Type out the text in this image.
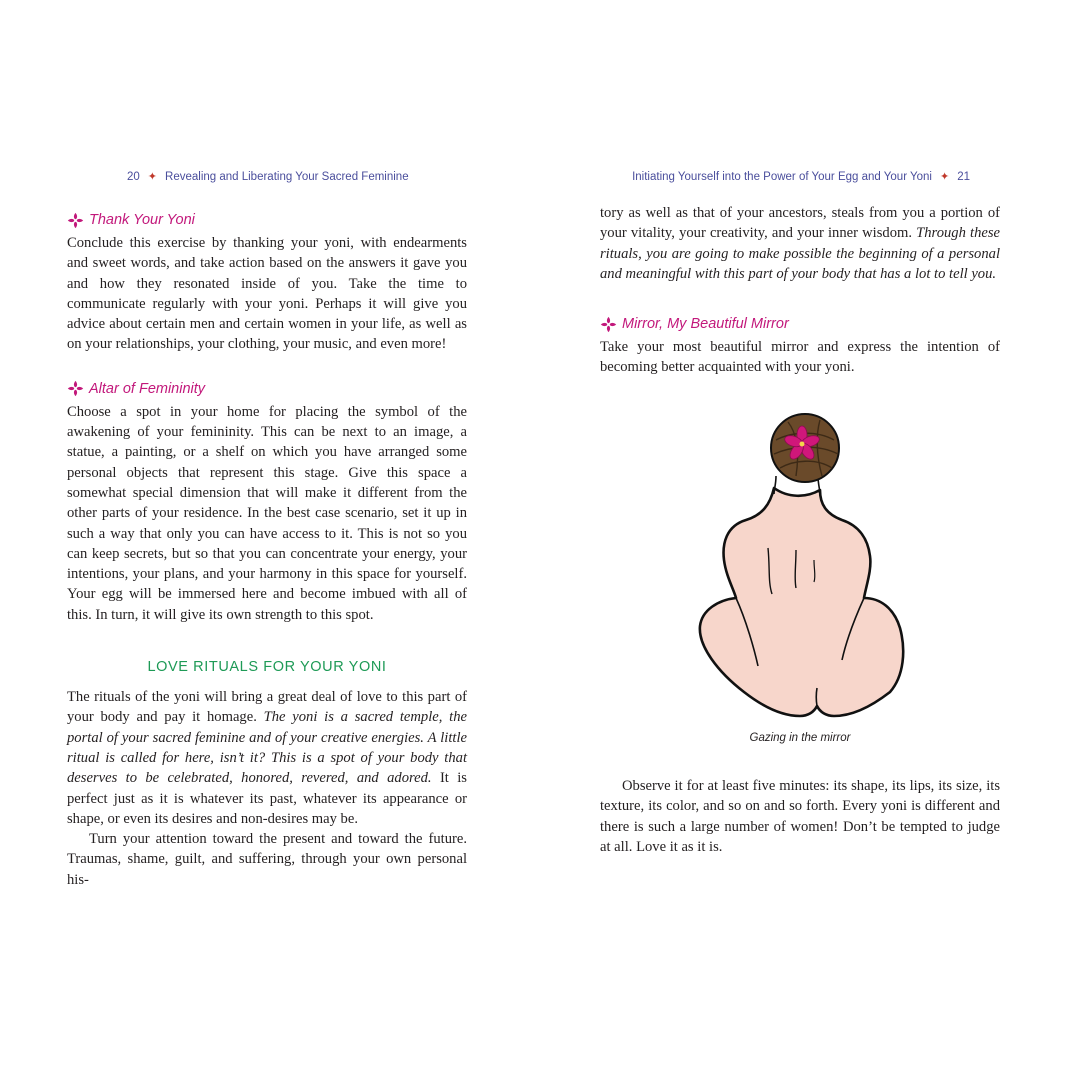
20 ✦ Revealing and Liberating Your Sacred Feminine	Initiating Yourself into the Power of Your Egg and Your Yoni ✦ 21
Thank Your Yoni

Conclude this exercise by thanking your yoni, with endearments and sweet words, and take action based on the answers it gave you and how they resonated inside of you. Take the time to communicate regularly with your yoni. Perhaps it will give you advice about certain men and certain women in your life, as well as on your relationships, your clothing, your music, and even more!

Altar of Femininity

Choose a spot in your home for placing the symbol of the awakening of your femininity. This can be next to an image, a statue, a painting, or a shelf on which you have arranged some personal objects that represent this stage. Give this space a somewhat special dimension that will make it different from the other parts of your residence. In the best case scenario, set it up in such a way that only you can have access to it. This is not so you can keep secrets, but so that you can concentrate your energy, your intentions, your plans, and your harmony in this space for yourself. Your egg will be immersed here and become imbued with all of this. In turn, it will give its own strength to this spot.

LOVE RITUALS FOR YOUR YONI

The rituals of the yoni will bring a great deal of love to this part of your body and pay it homage. The yoni is a sacred temple, the portal of your sacred feminine and of your creative energies. A little ritual is called for here, isn’t it? This is a spot of your body that deserves to be celebrated, honored, revered, and adored. It is perfect just as it is whatever its past, whatever its appearance or shape, or even its desires and non-desires may be.

Turn your attention toward the present and toward the future. Traumas, shame, guilt, and suffering, through your own personal his-

tory as well as that of your ancestors, steals from you a portion of your vitality, your creativity, and your inner wisdom. Through these rituals, you are going to make possible the beginning of a personal and meaningful with this part of your body that has a lot to tell you.

Mirror, My Beautiful Mirror

Take your most beautiful mirror and express the intention of becoming better acquainted with your yoni.

Gazing in the mirror

Observe it for at least five minutes: its shape, its lips, its size, its texture, its color, and so on and so forth. Every yoni is different and there is such a large number of women! Don’t be tempted to judge at all. Love it as it is.
